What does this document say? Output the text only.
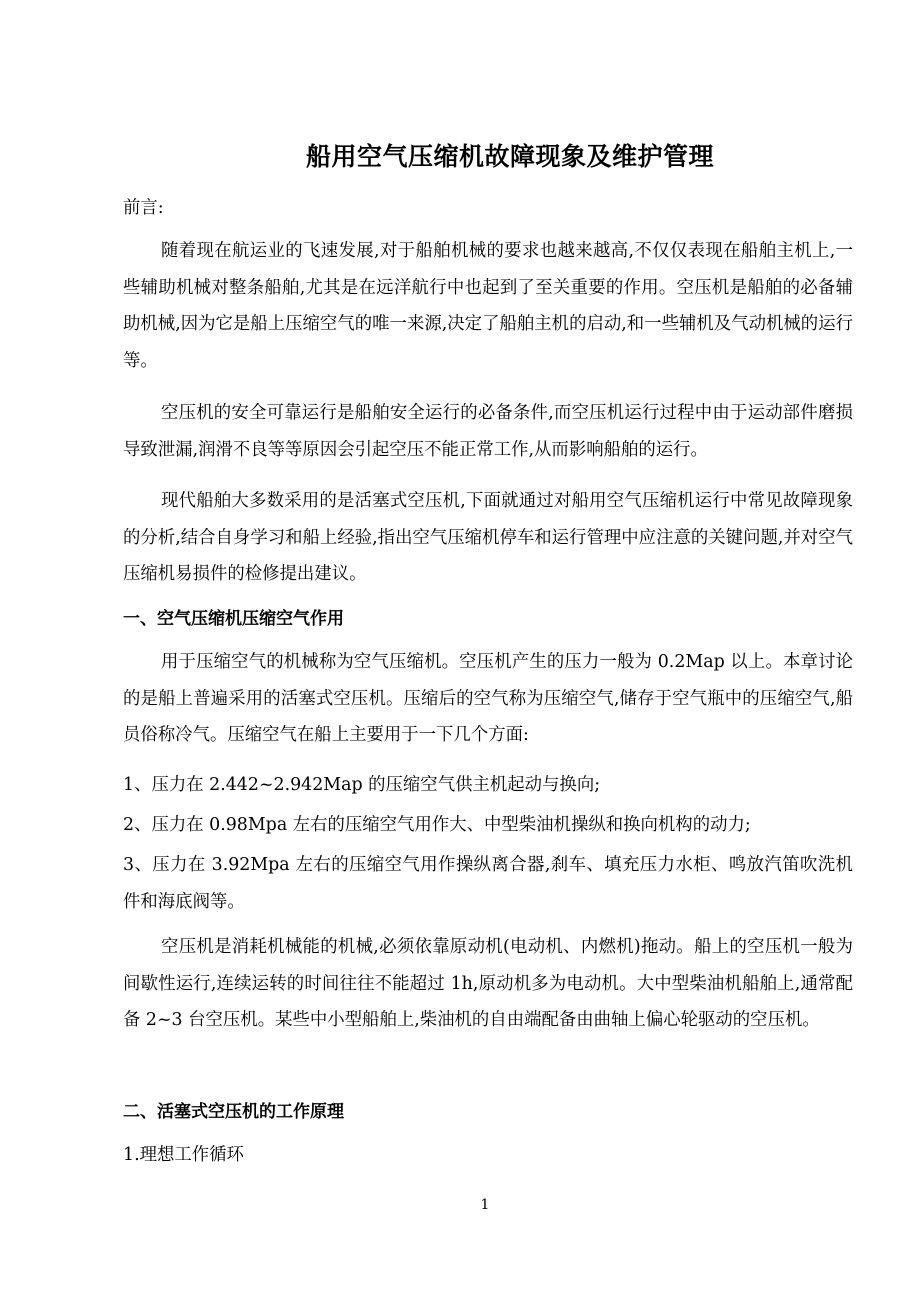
船用空气压缩机故障现象及维护管理
前言:
随着现在航运业的飞速发展,对于船舶机械的要求也越来越高,不仅仅表现在船舶主机上,一些辅助机械对整条船舶,尤其是在远洋航行中也起到了至关重要的作用。空压机是船舶的必备辅助机械,因为它是船上压缩空气的唯一来源,决定了船舶主机的启动,和一些辅机及气动机械的运行等。
空压机的安全可靠运行是船舶安全运行的必备条件,而空压机运行过程中由于运动部件磨损导致泄漏,润滑不良等等原因会引起空压不能正常工作,从而影响船舶的运行。
现代船舶大多数采用的是活塞式空压机,下面就通过对船用空气压缩机运行中常见故障现象的分析,结合自身学习和船上经验,指出空气压缩机停车和运行管理中应注意的关键问题,并对空气压缩机易损件的检修提出建议。
一、空气压缩机压缩空气作用
用于压缩空气的机械称为空气压缩机。空压机产生的压力一般为 0.2Map 以上。本章讨论的是船上普遍采用的活塞式空压机。压缩后的空气称为压缩空气,储存于空气瓶中的压缩空气,船员俗称冷气。压缩空气在船上主要用于一下几个方面:
1、压力在 2.442~2.942Map 的压缩空气供主机起动与换向;
2、压力在 0.98Mpa 左右的压缩空气用作大、中型柴油机操纵和换向机构的动力;
3、压力在 3.92Mpa 左右的压缩空气用作操纵离合器,刹车、填充压力水柜、鸣放汽笛吹洗机件和海底阀等。
空压机是消耗机械能的机械,必须依靠原动机(电动机、内燃机)拖动。船上的空压机一般为间歇性运行,连续运转的时间往往不能超过 1h,原动机多为电动机。大中型柴油机船舶上,通常配备 2~3 台空压机。某些中小型船舶上,柴油机的自由端配备由曲轴上偏心轮驱动的空压机。
二、活塞式空压机的工作原理
1.理想工作循环
1
